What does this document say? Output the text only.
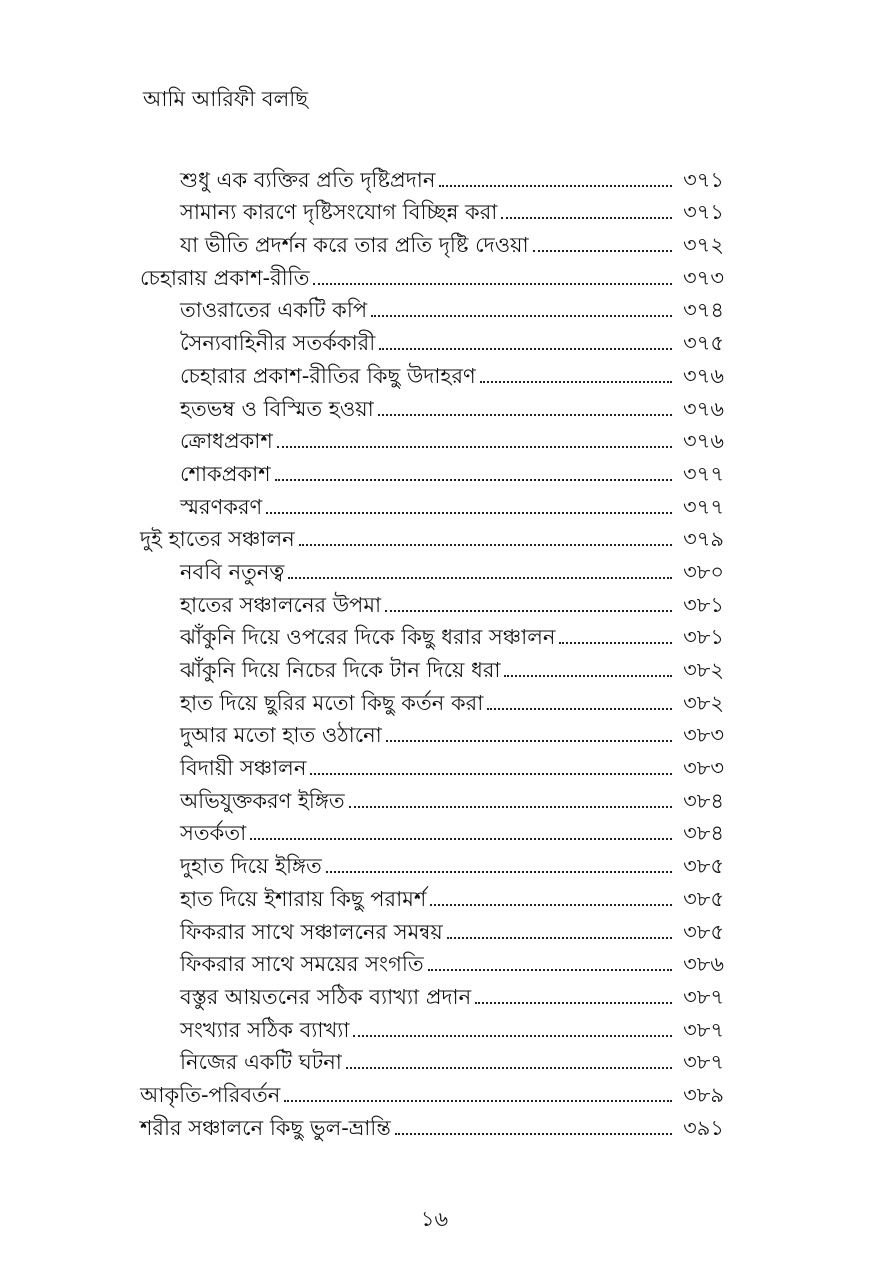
আমি আরিফী বলছি
শুধু এক ব্যক্তির প্রতি দৃষ্টিপ্রদান	৩৭১
সামান্য কারণে দৃষ্টিসংযোগ বিচ্ছিন্ন করা	৩৭১
যা ভীতি প্রদর্শন করে তার প্রতি দৃষ্টি দেওয়া	৩৭২
চেহারায় প্রকাশ-রীতি	৩৭৩
তাওরাতের একটি কপি	৩৭৪
সৈন্যবাহিনীর সতর্ককারী	৩৭৫
চেহারার প্রকাশ-রীতির কিছু উদাহরণ	৩৭৬
হতভম্ব ও বিস্মিত হওয়া	৩৭৬
ক্রোধপ্রকাশ	৩৭৬
শোকপ্রকাশ	৩৭৭
স্মরণকরণ	৩৭৭
দুই হাতের সঞ্চালন	৩৭৯
নববি নতুনত্ব	৩৮০
হাতের সঞ্চালনের উপমা	৩৮১
ঝাঁকুনি দিয়ে ওপরের দিকে কিছু ধরার সঞ্চালন	৩৮১
ঝাঁকুনি দিয়ে নিচের দিকে টান দিয়ে ধরা	৩৮২
হাত দিয়ে ছুরির মতো কিছু কর্তন করা	৩৮২
দুআর মতো হাত ওঠানো	৩৮৩
বিদায়ী সঞ্চালন	৩৮৩
অভিযুক্তকরণ ইঙ্গিত	৩৮৪
সতর্কতা	৩৮৪
দুহাত দিয়ে ইঙ্গিত	৩৮৫
হাত দিয়ে ইশারায় কিছু পরামর্শ	৩৮৫
ফিকরার সাথে সঞ্চালনের সমন্বয়	৩৮৫
ফিকরার সাথে সময়ের সংগতি	৩৮৬
বস্তুর আয়তনের সঠিক ব্যাখ্যা প্রদান	৩৮৭
সংখ্যার সঠিক ব্যাখ্যা	৩৮৭
নিজের একটি ঘটনা	৩৮৭
আকৃতি-পরিবর্তন	৩৮৯
শরীর সঞ্চালনে কিছু ভুল-ভ্রান্তি	৩৯১
১৬
